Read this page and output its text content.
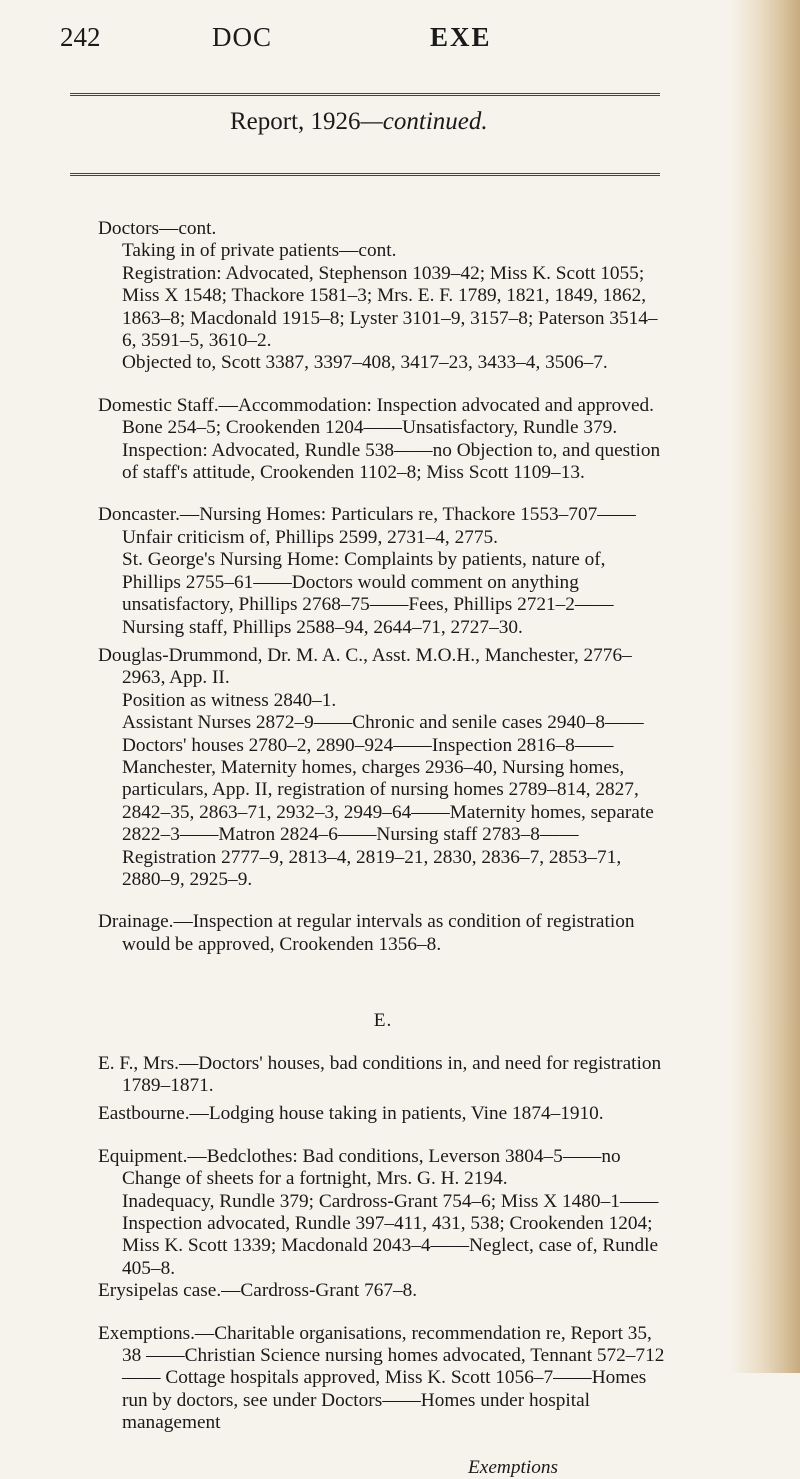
242	DOC	EXE
Report, 1926—continued.

Doctors—cont.

Taking in of private patients—cont.

Registration: Advocated, Stephenson 1039–42; Miss K. Scott 1055; Miss X 1548; Thackore 1581–3; Mrs. E. F. 1789, 1821, 1849, 1862, 1863–8; Macdonald 1915–8; Lyster 3101–9, 3157–8; Paterson 3514–6, 3591–5, 3610–2.

Objected to, Scott 3387, 3397–408, 3417–23, 3433–4, 3506–7.

Domestic Staff.—Accommodation: Inspection advocated and approved. Bone 254–5; Crookenden 1204——Unsatisfactory, Rundle 379.

Inspection: Advocated, Rundle 538——no Objection to, and question of staff's attitude, Crookenden 1102–8; Miss Scott 1109–13.

Doncaster.—Nursing Homes: Particulars re, Thackore 1553–707—— Unfair criticism of, Phillips 2599, 2731–4, 2775.

St. George's Nursing Home: Complaints by patients, nature of, Phillips 2755–61——Doctors would comment on anything unsatisfactory, Phillips 2768–75——Fees, Phillips 2721–2——Nursing staff, Phillips 2588–94, 2644–71, 2727–30.

Douglas-Drummond, Dr. M. A. C., Asst. M.O.H., Manchester, 2776–2963, App. II.

Position as witness 2840–1.

Assistant Nurses 2872–9——Chronic and senile cases 2940–8—— Doctors' houses 2780–2, 2890–924——Inspection 2816–8——Manchester, Maternity homes, charges 2936–40, Nursing homes, particulars, App. II, registration of nursing homes 2789–814, 2827, 2842–35, 2863–71, 2932–3, 2949–64——Maternity homes, separate 2822–3——Matron 2824–6——Nursing staff 2783–8——Registration 2777–9, 2813–4, 2819–21, 2830, 2836–7, 2853–71, 2880–9, 2925–9.

Drainage.—Inspection at regular intervals as condition of registration would be approved, Crookenden 1356–8.

E.

E. F., Mrs.—Doctors' houses, bad conditions in, and need for registration 1789–1871.

Eastbourne.—Lodging house taking in patients, Vine 1874–1910.

Equipment.—Bedclothes: Bad conditions, Leverson 3804–5——no Change of sheets for a fortnight, Mrs. G. H. 2194.

Inadequacy, Rundle 379; Cardross-Grant 754–6; Miss X 1480–1—— Inspection advocated, Rundle 397–411, 431, 538; Crookenden 1204; Miss K. Scott 1339; Macdonald 2043–4——Neglect, case of, Rundle 405–8.

Erysipelas case.—Cardross-Grant 767–8.

Exemptions.—Charitable organisations, recommendation re, Report 35, 38 ——Christian Science nursing homes advocated, Tennant 572–712—— Cottage hospitals approved, Miss K. Scott 1056–7——Homes run by doctors, see under Doctors——Homes under hospital management

Exemptions
